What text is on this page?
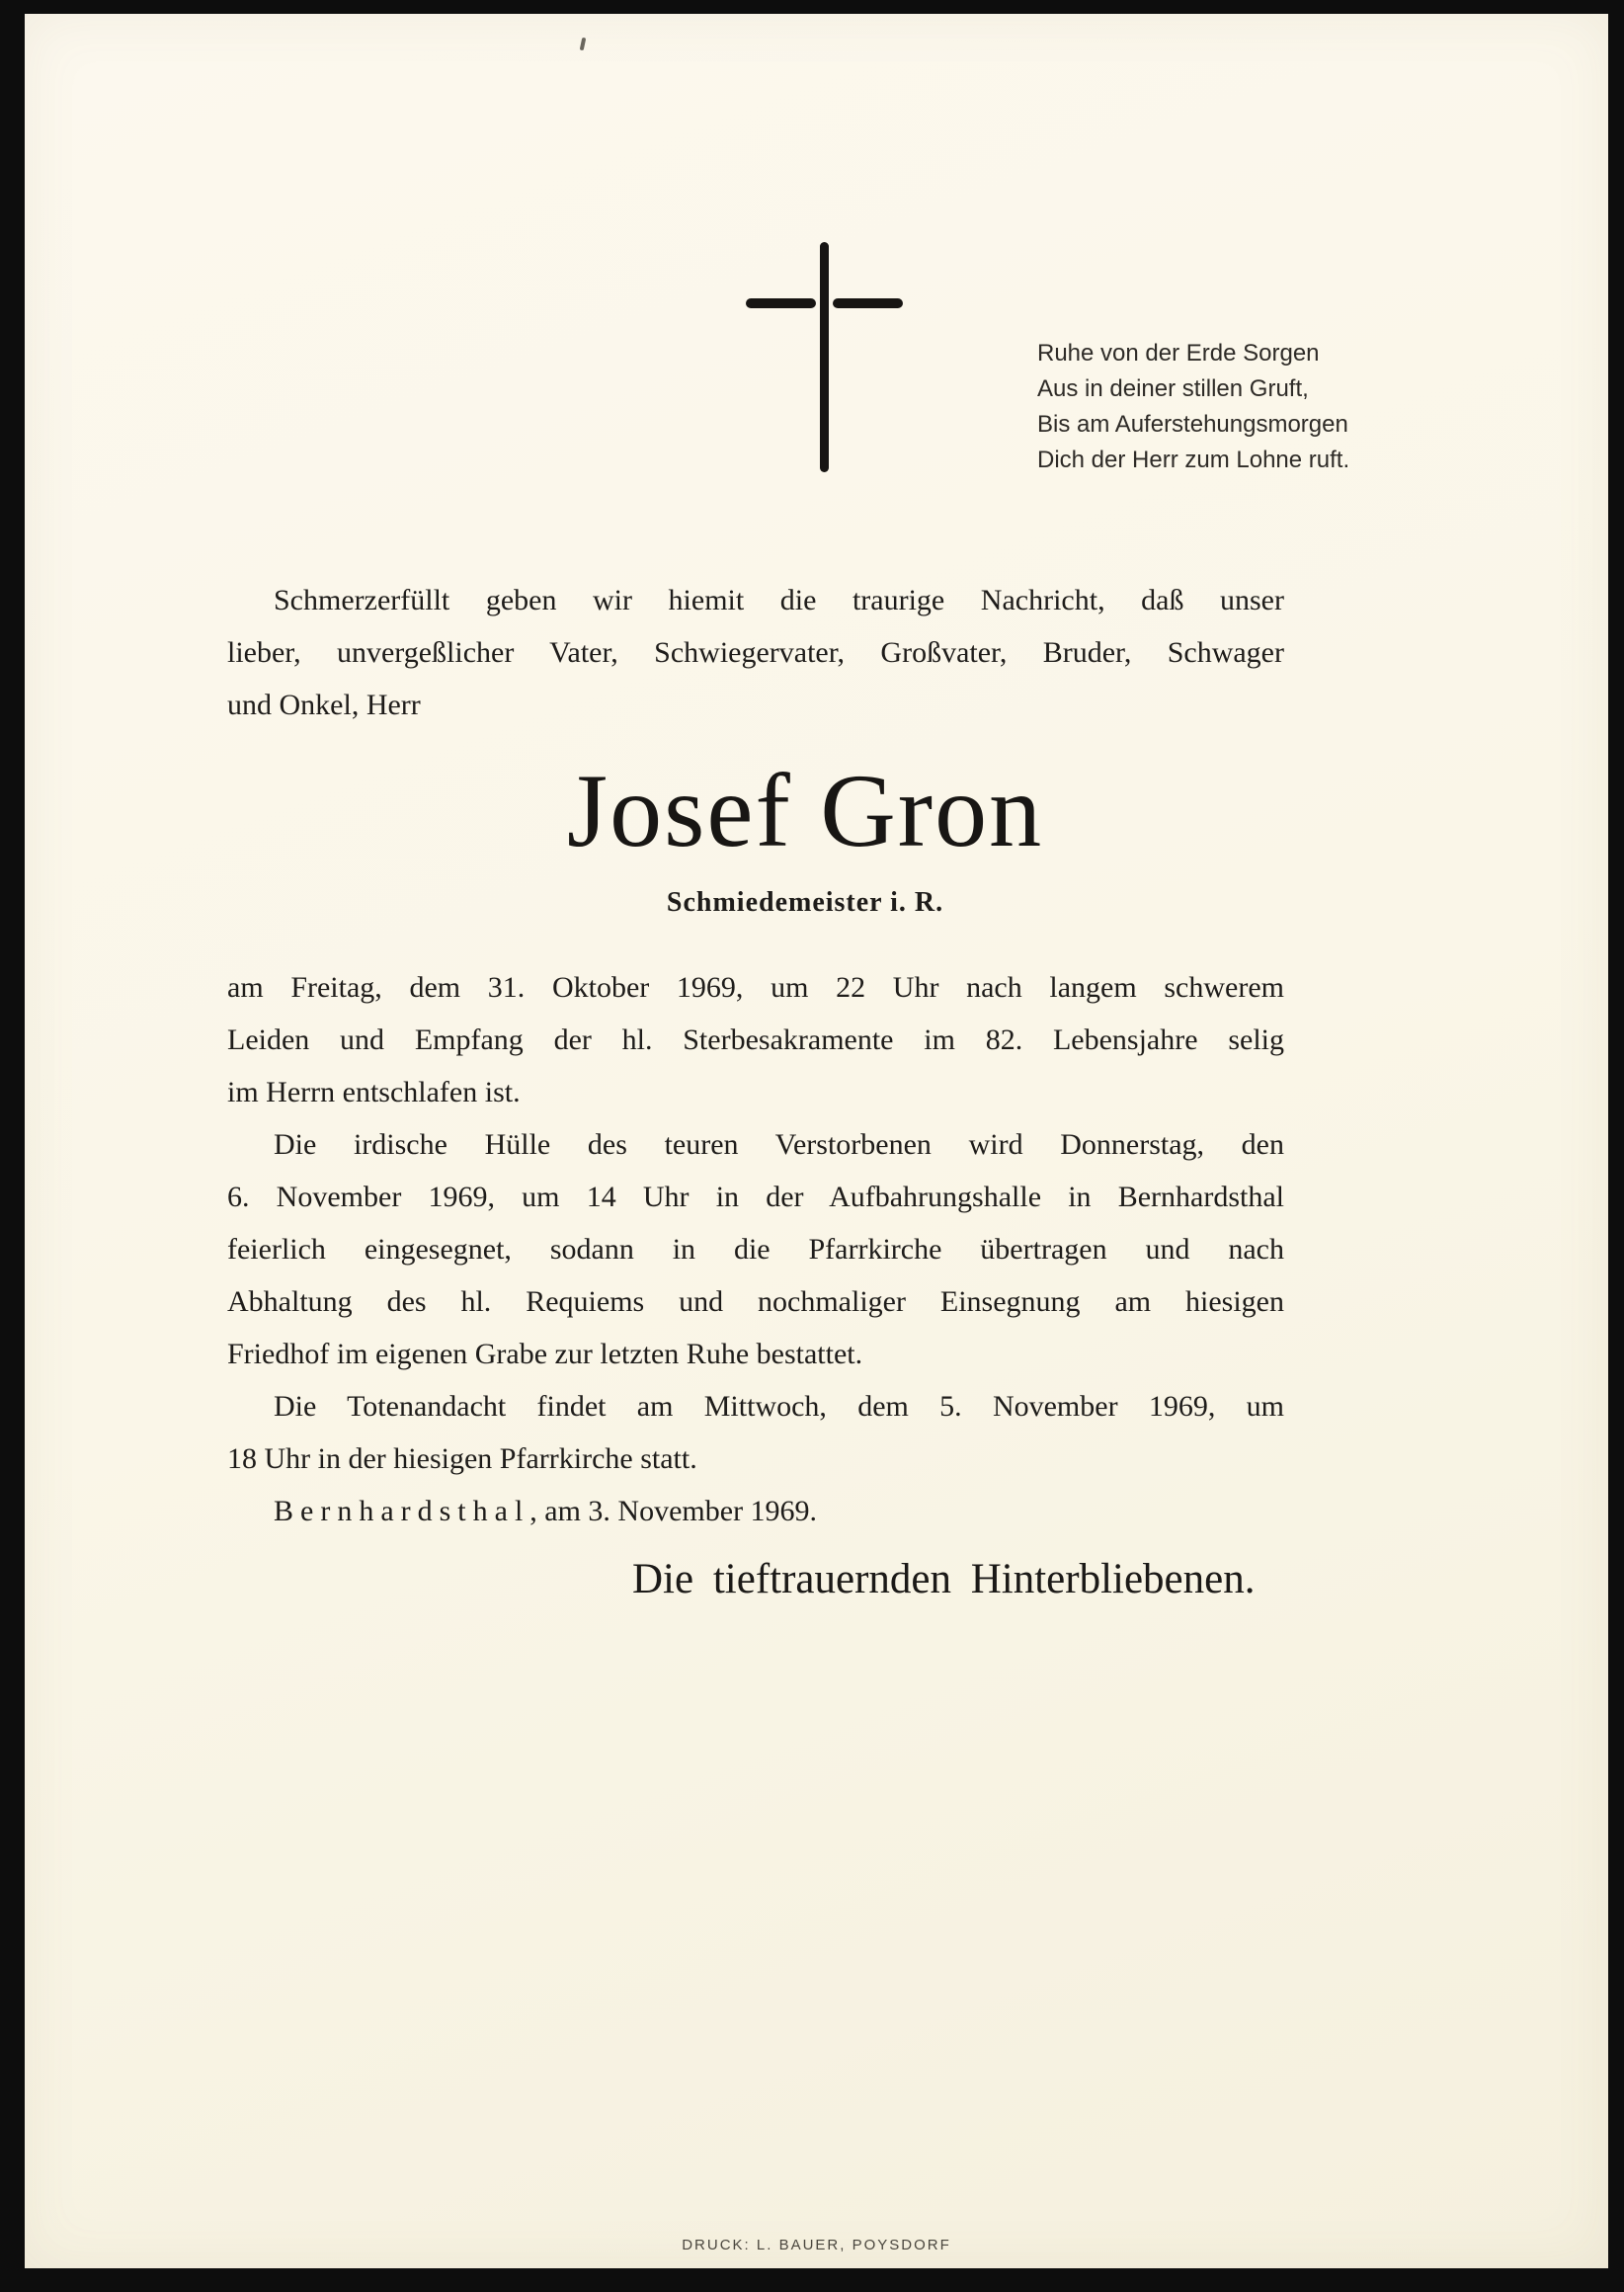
Ruhe von der Erde Sorgen
Aus in deiner stillen Gruft,
Bis am Auferstehungsmorgen
Dich der Herr zum Lohne ruft.
Schmerzerfüllt geben wir hiemit die traurige Nachricht, daß unser
lieber, unvergeßlicher Vater, Schwiegervater, Großvater, Bruder, Schwager
und Onkel, Herr
Josef Gron
Schmiedemeister i. R.
am Freitag, dem 31. Oktober 1969, um 22 Uhr nach langem schwerem
Leiden und Empfang der hl. Sterbesakramente im 82. Lebensjahre selig
im Herrn entschlafen ist.
Die irdische Hülle des teuren Verstorbenen wird Donnerstag, den
6. November 1969, um 14 Uhr in der Aufbahrungshalle in Bernhardsthal
feierlich eingesegnet, sodann in die Pfarrkirche übertragen und nach
Abhaltung des hl. Requiems und nochmaliger Einsegnung am hiesigen
Friedhof im eigenen Grabe zur letzten Ruhe bestattet.
Die Totenandacht findet am Mittwoch, dem 5. November 1969, um
18 Uhr in der hiesigen Pfarrkirche statt.
Bernhardsthal, am 3. November 1969.
Die tieftrauernden Hinterbliebenen.
DRUCK: L. BAUER, POYSDORF
